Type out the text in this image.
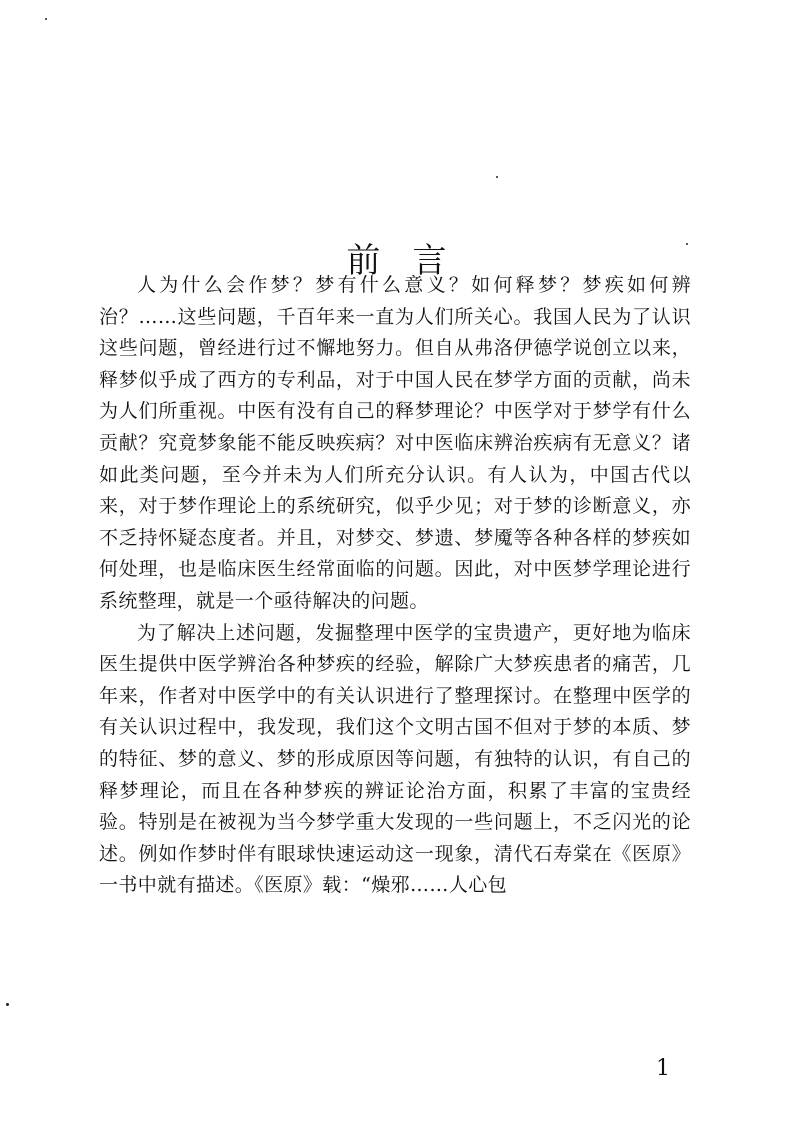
前言

人为什么会作梦？梦有什么意义？如何释梦？梦疾如何辨治？……这些问题，千百年来一直为人们所关心。我国人民为了认识这些问题，曾经进行过不懈地努力。但自从弗洛伊德学说创立以来，释梦似乎成了西方的专利品，对于中国人民在梦学方面的贡献，尚未为人们所重视。中医有没有自己的释梦理论？中医学对于梦学有什么贡献？究竟梦象能不能反映疾病？对中医临床辨治疾病有无意义？诸如此类问题，至今并未为人们所充分认识。有人认为，中国古代以来，对于梦作理论上的系统研究，似乎少见；对于梦的诊断意义，亦不乏持怀疑态度者。并且，对梦交、梦遗、梦魇等各种各样的梦疾如何处理，也是临床医生经常面临的问题。因此，对中医梦学理论进行系统整理，就是一个亟待解决的问题。

为了解决上述问题，发掘整理中医学的宝贵遗产，更好地为临床医生提供中医学辨治各种梦疾的经验，解除广大梦疾患者的痛苦，几年来，作者对中医学中的有关认识进行了整理探讨。在整理中医学的有关认识过程中，我发现，我们这个文明古国不但对于梦的本质、梦的特征、梦的意义、梦的形成原因等问题，有独特的认识，有自己的释梦理论，而且在各种梦疾的辨证论治方面，积累了丰富的宝贵经验。特别是在被视为当今梦学重大发现的一些问题上，不乏闪光的论述。例如作梦时伴有眼球快速运动这一现象，清代石寿棠在《医原》一书中就有描述。《医原》载：“燥邪……人心包

1
